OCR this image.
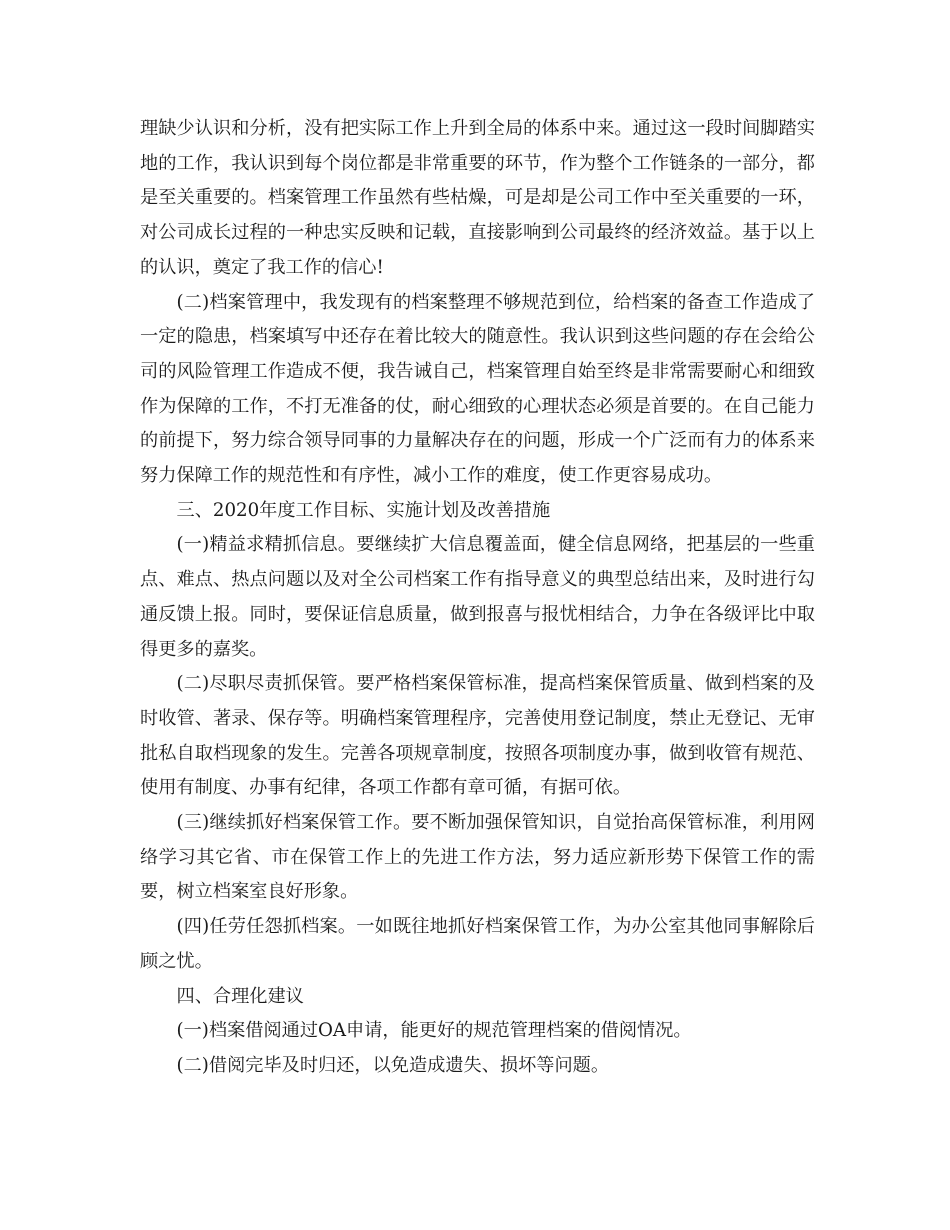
理缺少认识和分析，没有把实际工作上升到全局的体系中来。通过这一段时间脚踏实地的工作，我认识到每个岗位都是非常重要的环节，作为整个工作链条的一部分，都是至关重要的。档案管理工作虽然有些枯燥，可是却是公司工作中至关重要的一环，对公司成长过程的一种忠实反映和记载，直接影响到公司最终的经济效益。基于以上的认识，奠定了我工作的信心!

(二)档案管理中，我发现有的档案整理不够规范到位，给档案的备查工作造成了一定的隐患，档案填写中还存在着比较大的随意性。我认识到这些问题的存在会给公司的风险管理工作造成不便，我告诫自己，档案管理自始至终是非常需要耐心和细致作为保障的工作，不打无准备的仗，耐心细致的心理状态必须是首要的。在自己能力的前提下，努力综合领导同事的力量解决存在的问题，形成一个广泛而有力的体系来努力保障工作的规范性和有序性，减小工作的难度，使工作更容易成功。

三、2020年度工作目标、实施计划及改善措施

(一)精益求精抓信息。要继续扩大信息覆盖面，健全信息网络，把基层的一些重点、难点、热点问题以及对全公司档案工作有指导意义的典型总结出来，及时进行勾通反馈上报。同时，要保证信息质量，做到报喜与报忧相结合，力争在各级评比中取得更多的嘉奖。

(二)尽职尽责抓保管。要严格档案保管标准，提高档案保管质量、做到档案的及时收管、著录、保存等。明确档案管理程序，完善使用登记制度，禁止无登记、无审批私自取档现象的发生。完善各项规章制度，按照各项制度办事，做到收管有规范、使用有制度、办事有纪律，各项工作都有章可循，有据可依。

(三)继续抓好档案保管工作。要不断加强保管知识，自觉抬高保管标准，利用网络学习其它省、市在保管工作上的先进工作方法，努力适应新形势下保管工作的需要，树立档案室良好形象。

(四)任劳任怨抓档案。一如既往地抓好档案保管工作，为办公室其他同事解除后顾之忧。

四、合理化建议

(一)档案借阅通过OA申请，能更好的规范管理档案的借阅情况。

(二)借阅完毕及时归还，以免造成遗失、损坏等问题。
